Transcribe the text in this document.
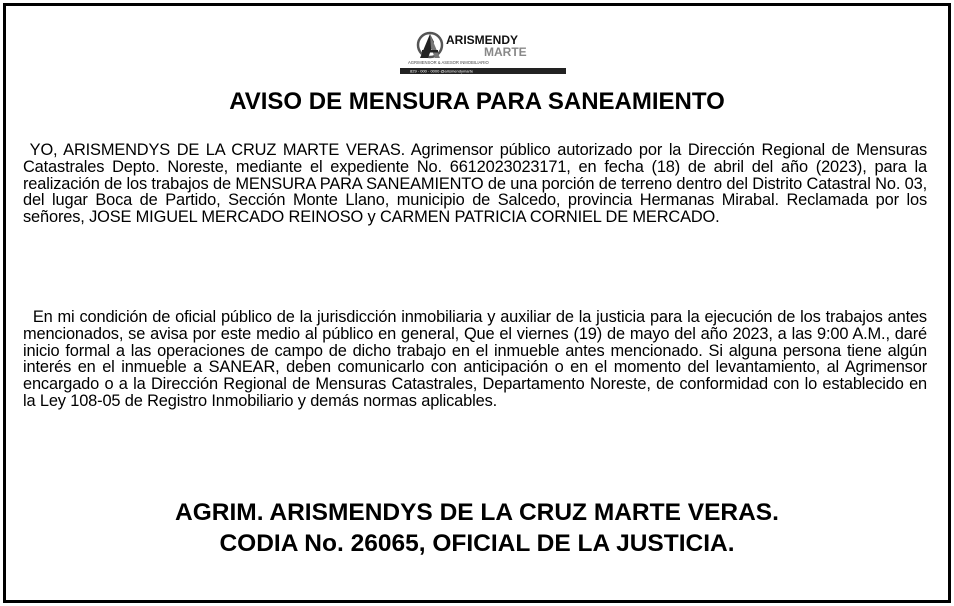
ARISMENDY
MARTE
AGRIMENSOR & ASESOR INMOBILIARIO
829 · 000 · 0000 @arismendymarte
AVISO DE MENSURA PARA SANEAMIENTO

YO, ARISMENDYS DE LA CRUZ MARTE VERAS. Agrimensor público autorizado por la Dirección Regional de Mensuras Catastrales Depto. Noreste, mediante el expediente No. 6612023023171, en fecha (18) de abril del año (2023), para la realización de los trabajos de MENSURA PARA SANEAMIENTO de una porción de terreno dentro del Distrito Catastral No. 03, del lugar Boca de Partido, Sección Monte Llano, municipio de Salcedo, provincia Hermanas Mirabal. Reclamada por los señores, JOSE MIGUEL MERCADO REINOSO y CARMEN PATRICIA CORNIEL DE MERCADO.

En mi condición de oficial público de la jurisdicción inmobiliaria y auxiliar de la justicia para la ejecución de los trabajos antes mencionados, se avisa por este medio al público en general, Que el viernes (19) de mayo del año 2023, a las 9:00 A.M., daré inicio formal a las operaciones de campo de dicho trabajo en el inmueble antes mencionado. Si alguna persona tiene algún interés en el inmueble a SANEAR, deben comunicarlo con anticipación o en el momento del levantamiento, al Agrimensor encargado o a la Dirección Regional de Mensuras Catastrales, Departamento Noreste, de conformidad con lo establecido en la Ley 108-05 de Registro Inmobiliario y demás normas aplicables.

AGRIM. ARISMENDYS DE LA CRUZ MARTE VERAS.

CODIA No. 26065, OFICIAL DE LA JUSTICIA.
